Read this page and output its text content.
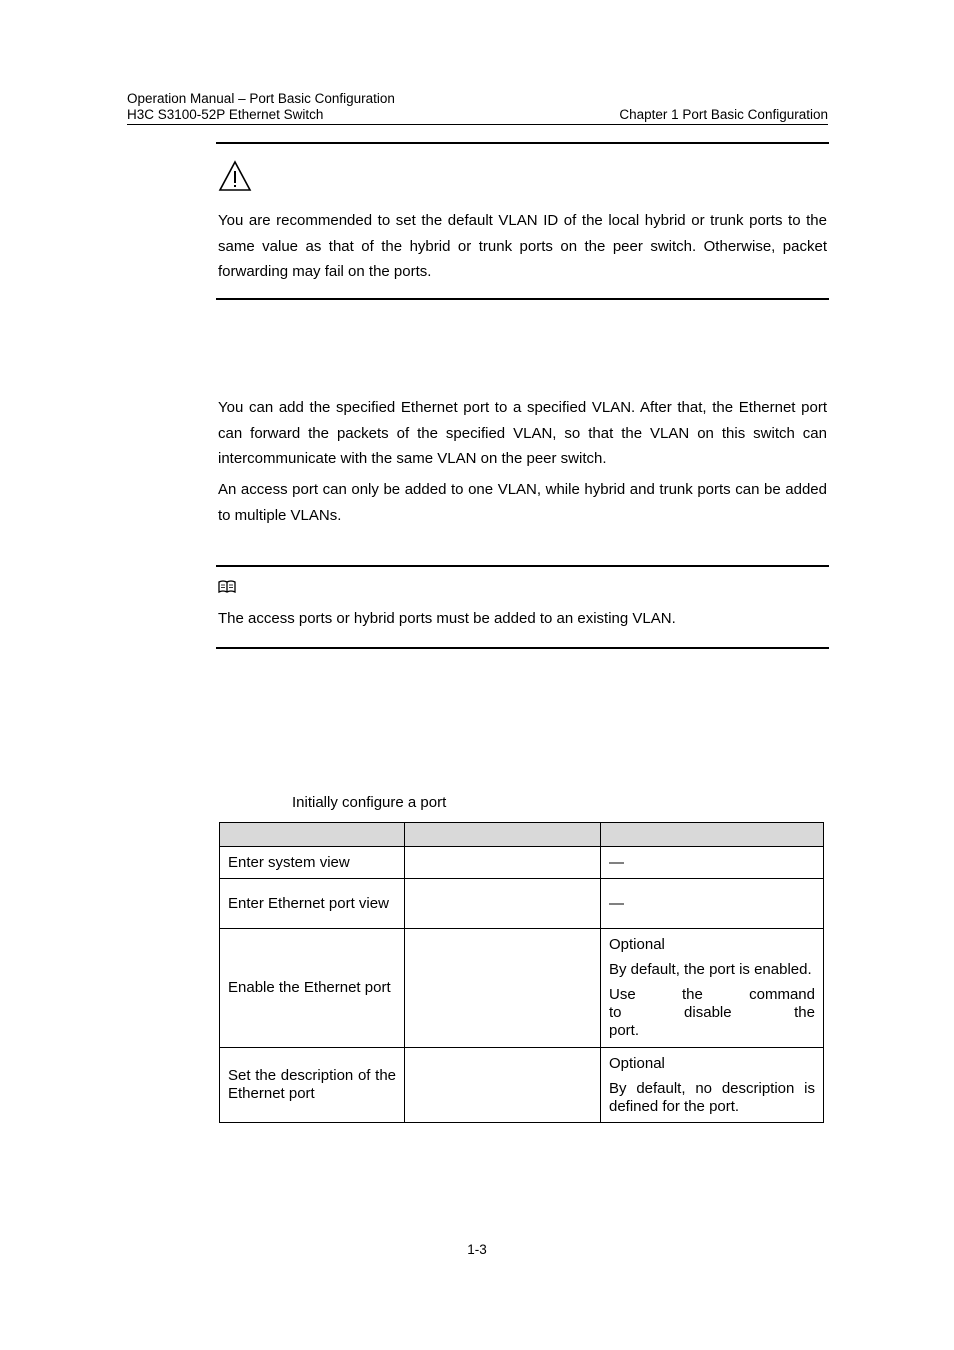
Operation Manual – Port Basic Configuration
H3C S3100-52P Ethernet Switch	Chapter 1 Port Basic Configuration
You are recommended to set the default VLAN ID of the local hybrid or trunk ports to the same value as that of the hybrid or trunk ports on the peer switch. Otherwise, packet forwarding may fail on the ports.
You can add the specified Ethernet port to a specified VLAN. After that, the Ethernet port can forward the packets of the specified VLAN, so that the VLAN on this switch can intercommunicate with the same VLAN on the peer switch.
An access port can only be added to one VLAN, while hybrid and trunk ports can be added to multiple VLANs.
The access ports or hybrid ports must be added to an existing VLAN.
Initially configure a port

Enter system view		—

Enter Ethernet port view		—

Enable the Ethernet port		Optional

By default, the port is enabled.

Use the command to disable the port.

Set the description of the Ethernet port		Optional

By default, no description is defined for the port.

1-3
